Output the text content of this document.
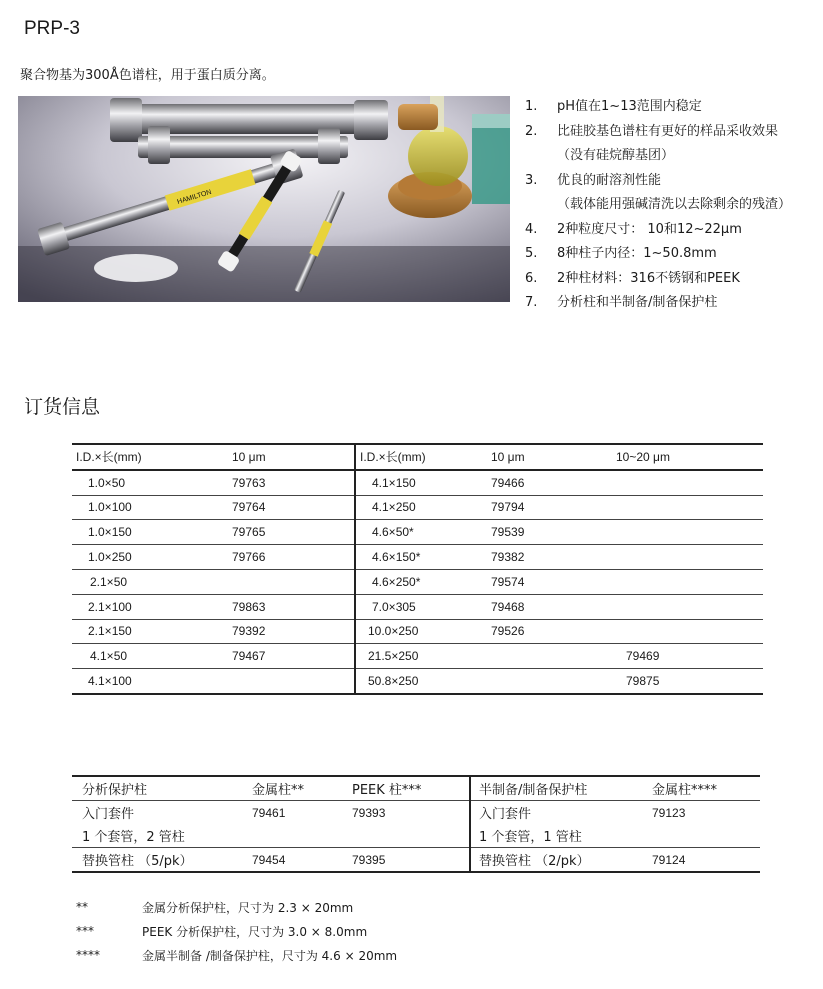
PRP-3
聚合物基为300Å色谱柱，用于蛋白质分离。
HAMILTON
1.	pH值在1~13范围内稳定
2.	比硅胶基色谱柱有更好的样品采收效果
（没有硅烷醇基团）
3.	优良的耐溶剂性能
（载体能用强碱清洗以去除剩余的残渣）
4.	2种粒度尺寸： 10和12~22μm
5.	8种柱子内径：1~50.8mm
6.	2种柱材料：316不锈钢和PEEK
7.	分析柱和半制备/制备保护柱
订货信息
I.D.×长(mm)	10 μm	I.D.×长(mm)	10 μm	10~20 μm
1.0×50	79763	4.1×150	79466	
1.0×100	79764	4.1×250	79794	
1.0×150	79765	4.6×50*	79539	
1.0×250	79766	4.6×150*	79382	
2.1×50		4.6×250*	79574	
2.1×100	79863	7.0×305	79468	
2.1×150	79392	10.0×250	79526	
4.1×50	79467	21.5×250		79469
4.1×100		50.8×250		79875
分析保护柱	金属柱**	PEEK 柱***	半制备/制备保护柱	金属柱****
入门套件	79461	79393	入门套件	79123
1 个套管，2 管柱			1 个套管，1 管柱	
替换管柱 （5/pk）	79454	79395	替换管柱 （2/pk）	79124
**	金属分析保护柱，尺寸为 2.3 × 20mm
***	PEEK 分析保护柱，尺寸为 3.0 × 8.0mm
****	金属半制备 /制备保护柱，尺寸为 4.6 × 20mm
